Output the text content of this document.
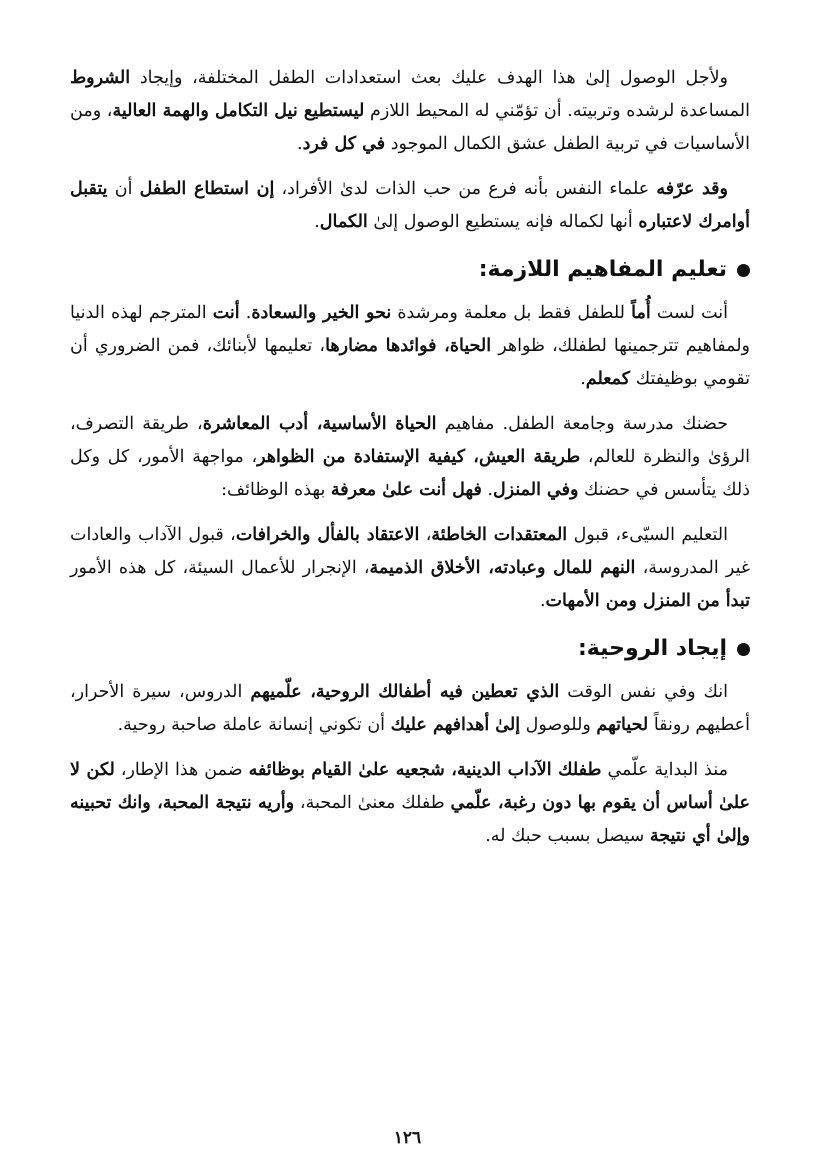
ولأجل الوصول إلىٰ هذا الهدف عليك بعث استعدادات الطفل المختلفة، وإيجاد الشروط المساعدة لرشده وتربيته. أن تؤمّني له المحيط اللازم ليستطيع نيل التكامل والهمة العالية، ومن الأساسيات في تربية الطفل عشق الكمال الموجود في كل فرد.

وقد عرّفه علماء النفس بأنه فرع من حب الذات لدىٰ الأفراد، إن استطاع الطفل أن يتقبل أوامرك لاعتباره أنها لكماله فإنه يستطيع الوصول إلىٰ الكمال.

تعليم المفاهيم اللازمة:

أنت لست أُماً للطفل فقط بل معلمة ومرشدة نحو الخير والسعادة. أنت المترجم لهذه الدنيا ولمفاهيم تترجمينها لطفلك، ظواهر الحياة، فوائدها مضارها، تعليمها لأبنائك، فمن الضروري أن تقومي بوظيفتك كمعلم.

حضنك مدرسة وجامعة الطفل. مفاهيم الحياة الأساسية، أدب المعاشرة، طريقة التصرف، الرؤىٰ والنظرة للعالم، طريقة العيش، كيفية الإستفادة من الظواهر، مواجهة الأمور، كل وكل ذلك يتأسس في حضنك وفي المنزل. فهل أنت علىٰ معرفة بهذه الوظائف:

التعليم السيّىء، قبول المعتقدات الخاطئة، الاعتقاد بالفأل والخرافات، قبول الآداب والعادات غير المدروسة، النهم للمال وعبادته، الأخلاق الذميمة، الإنجرار للأعمال السيئة، كل هذه الأمور تبدأ من المنزل ومن الأمهات.

إيجاد الروحية:

انك وفي نفس الوقت الذي تعطين فيه أطفالك الروحية، علّميهم الدروس، سيرة الأحرار، أعطيهم رونقاً لحياتهم وللوصول إلىٰ أهدافهم عليك أن تكوني إنسانة عاملة صاحبة روحية.

منذ البداية علّمي طفلك الآداب الدينية، شجعيه علىٰ القيام بوظائفه ضمن هذا الإطار، لكن لا علىٰ أساس أن يقوم بها دون رغبة، علّمي طفلك معنىٰ المحبة، وأريه نتيجة المحبة، وانك تحبينه وإلىٰ أي نتيجة سيصل بسبب حبك له.

١٢٦
